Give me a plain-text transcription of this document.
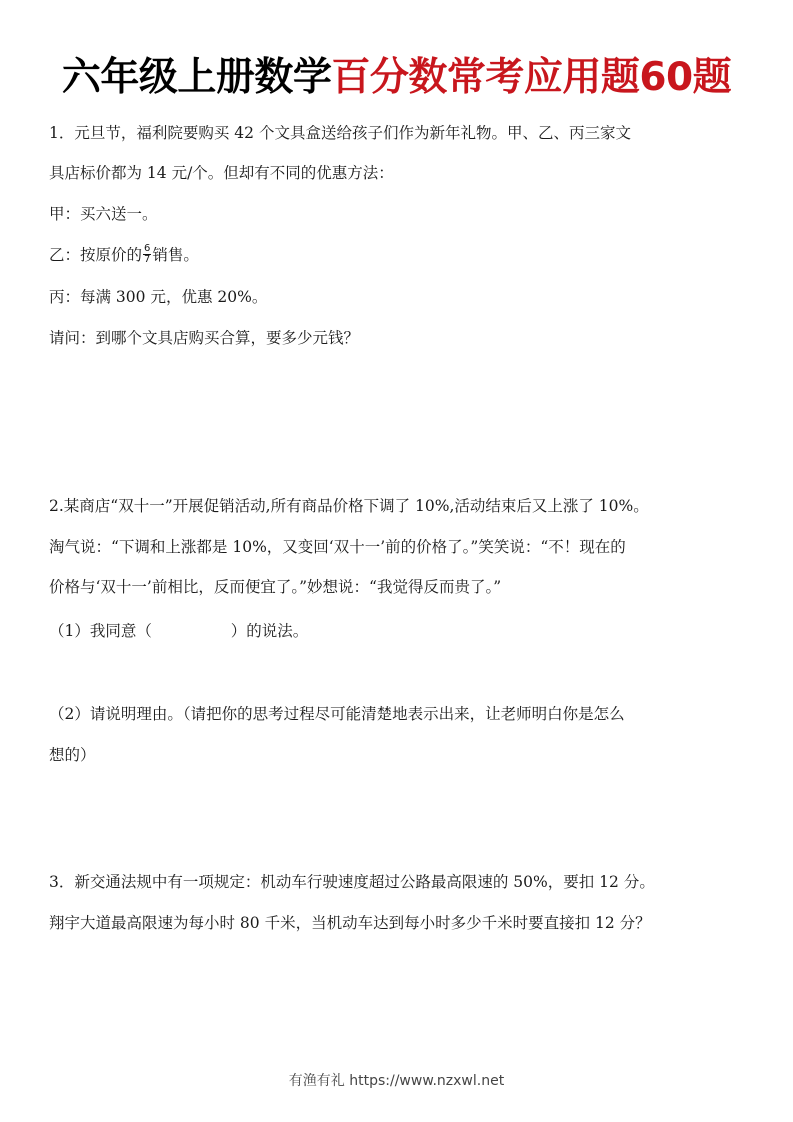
六年级上册数学百分数常考应用题60题
1．元旦节，福利院要购买 42 个文具盒送给孩子们作为新年礼物。甲、乙、丙三家文
具店标价都为 14 元/个。但却有不同的优惠方法：
甲：买六送一。
乙：按原价的 $\frac{6}{7}$ 销售。
丙：每满 300 元，优惠 20%。
请问：到哪个文具店购买合算，要多少元钱？
2.某商店“双十一”开展促销活动,所有商品价格下调了 10%,活动结束后又上涨了 10%。
淘气说：“下调和上涨都是 10%，又变回‘双十一’前的价格了。”笑笑说：“不！现在的
价格与‘双十一’前相比，反而便宜了。”妙想说：“我觉得反而贵了。”
（1）我同意（                ）的说法。
（2）请说明理由。（请把你的思考过程尽可能清楚地表示出来，让老师明白你是怎么
想的）
3．新交通法规中有一项规定：机动车行驶速度超过公路最高限速的 50%，要扣 12 分。
翔宇大道最高限速为每小时 80 千米，当机动车达到每小时多少千米时要直接扣 12 分？
有渔有礼 https://www.nzxwl.net
